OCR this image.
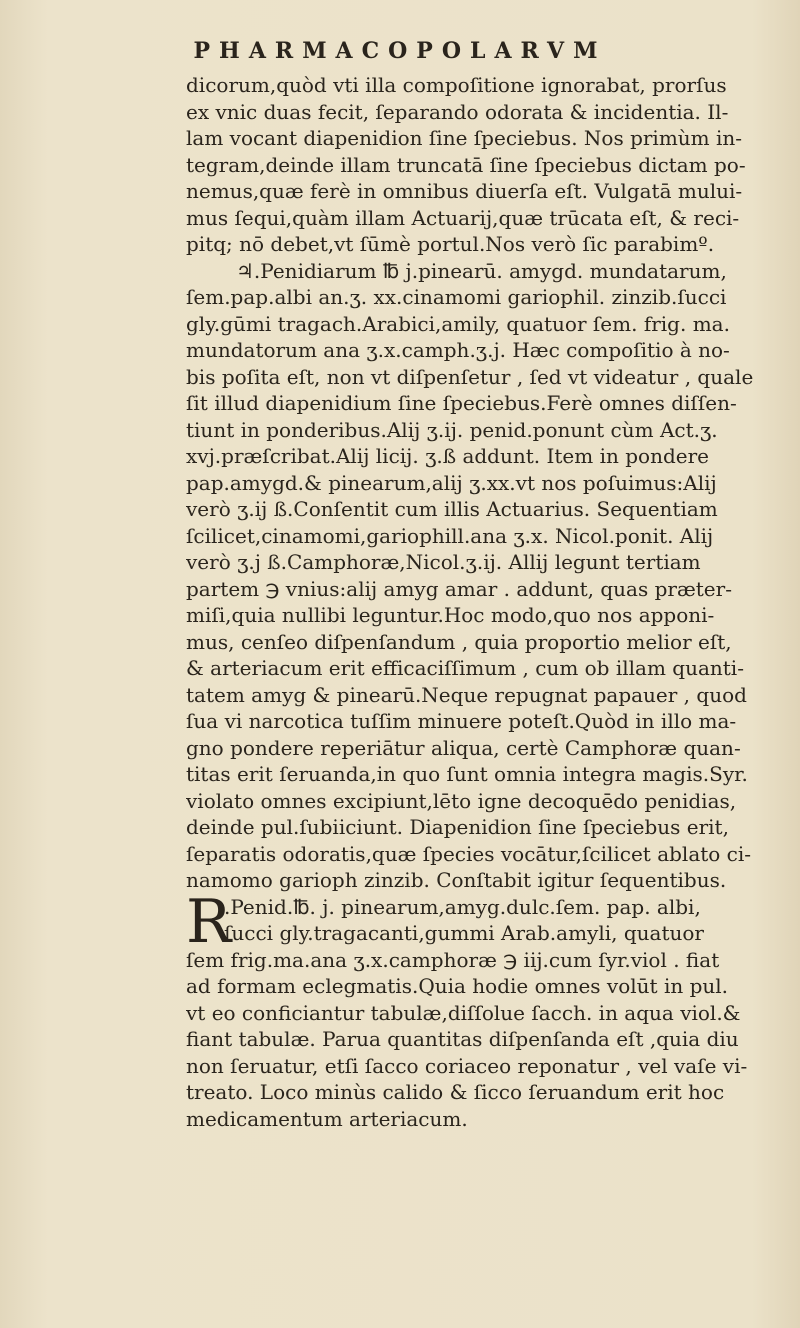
PHARMACOPOLARVM
dicorum,quòd vti illa compoſitione ignorabat, prorſus
ex vnic duas fecit, ſeparando odorata & incidentia. Il-
lam vocant diapenidion ſine ſpeciebus. Nos primùm in-
tegram,deinde illam truncatā ſine ſpeciebus dictam po-
nemus,quæ ferè in omnibus diuerſa eſt. Vulgatā mului-
mus ſequi,quàm illam Actuarij,quæ trūcata eſt, & reci-
pitq; nō debet,vt ſūmè portul.Nos verò ſic parabimº.
♃.Penidiarum ℔ j.pinearū. amygd. mundatarum,
ſem.pap.albi an.ʒ. xx.cinamomi gariophil. zinzib.ſucci
gly.gūmi tragach.Arabici,amily, quatuor ſem. frig. ma.
mundatorum ana ʒ.x.camph.ʒ.j. Hæc compoſitio à no-
bis poſita eſt, non vt diſpenſetur , ſed vt videatur , quale
ſit illud diapenidium ſine ſpeciebus.Ferè omnes diſſen-
tiunt in ponderibus.Alij ʒ.ij. penid.ponunt cùm Act.ʒ.
xvj.præſcribat.Alij licij. ʒ.ß addunt. Item in pondere
pap.amygd.& pinearum,alij ʒ.xx.vt nos poſuimus:Alij
verò ʒ.ij ß.Conſentit cum illis Actuarius. Sequentiam
ſcilicet,cinamomi,gariophill.ana ʒ.x. Nicol.ponit. Alij
verò ʒ.j ß.Camphoræ,Nicol.ʒ.ij. Allij legunt tertiam
partem ℈ vnius:alij amyg amar . addunt, quas præter-
miſi,quia nullibi leguntur.Hoc modo,quo nos apponi-
mus, cenſeo diſpenſandum , quia proportio melior eſt,
& arteriacum erit efficaciſſimum , cum ob illam quanti-
tatem amyg & pinearū.Neque repugnat papauer , quod
ſua vi narcotica tuſſim minuere poteſt.Quòd in illo ma-
gno pondere reperiātur aliqua, certè Camphoræ quan-
titas erit ſeruanda,in quo ſunt omnia integra magis.Syr.
violato omnes excipiunt,lēto igne decoquēdo penidias,
deinde pul.ſubiiciunt. Diapenidion ſine ſpeciebus erit,
ſeparatis odoratis,quæ ſpecies vocātur,ſcilicet ablato ci-
namomo garioph zinzib. Conſtabit igitur ſequentibus.
R
.Penid.℔. j. pinearum,amyg.dulc.ſem. pap. albi,
ſucci gly.tragacanti,gummi Arab.amyli, quatuor
ſem frig.ma.ana ʒ.x.camphoræ ℈ iij.cum ſyr.viol . fiat
ad formam eclegmatis.Quia hodie omnes volūt in pul.
vt eo conficiantur tabulæ,diſſolue ſacch. in aqua viol.&
fiant tabulæ. Parua quantitas diſpenſanda eſt ,quia diu
non ſeruatur, etſi ſacco coriaceo reponatur , vel vaſe vi-
treato. Loco minùs calido & ſicco ſeruandum erit hoc
medicamentum arteriacum.
